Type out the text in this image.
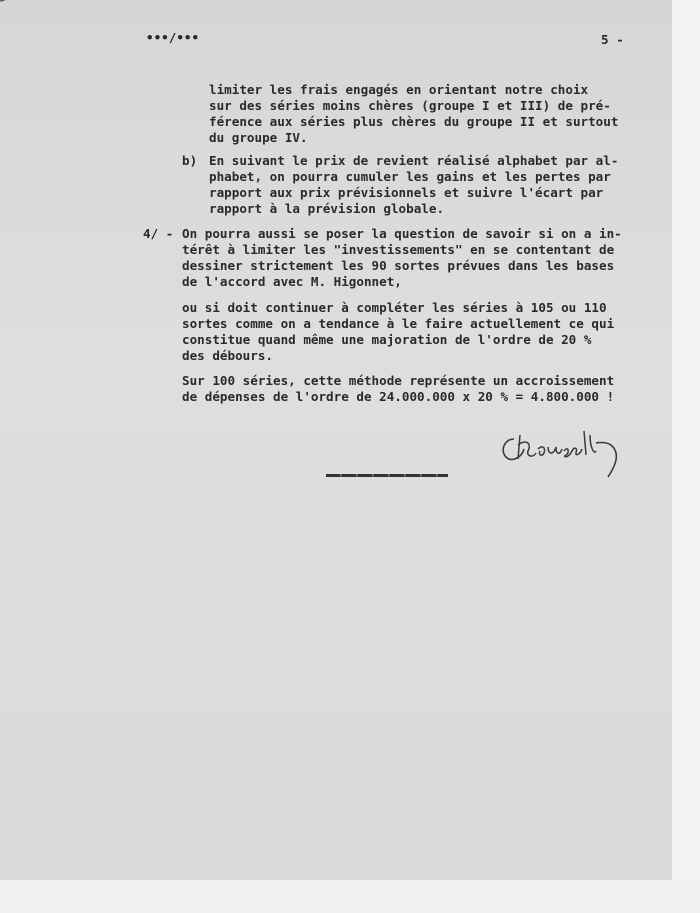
•••/•••	5 -
limiter les frais engagés en orientant notre choix
sur des séries moins chères (groupe I et III) de pré-
férence aux séries plus chères du groupe II et surtout
du groupe IV.
b) En suivant le prix de revient réalisé alphabet par al-
phabet, on pourra cumuler les gains et les pertes par
rapport aux prix prévisionnels et suivre l'écart par
rapport à la prévision globale.
4/ - On pourra aussi se poser la question de savoir si on a in-
térêt à limiter les "investissements" en se contentant de
dessiner strictement les 90 sortes prévues dans les bases
de l'accord avec M. Higonnet,
ou si doit continuer à compléter les séries à 105 ou 110
sortes comme on a tendance à le faire actuellement ce qui
constitue quand même une majoration de l'ordre de 20 %
des débours.
Sur 100 séries, cette méthode représente un accroissement
de dépenses de l'ordre de 24.000.000 x 20 % = 4.800.000 !
